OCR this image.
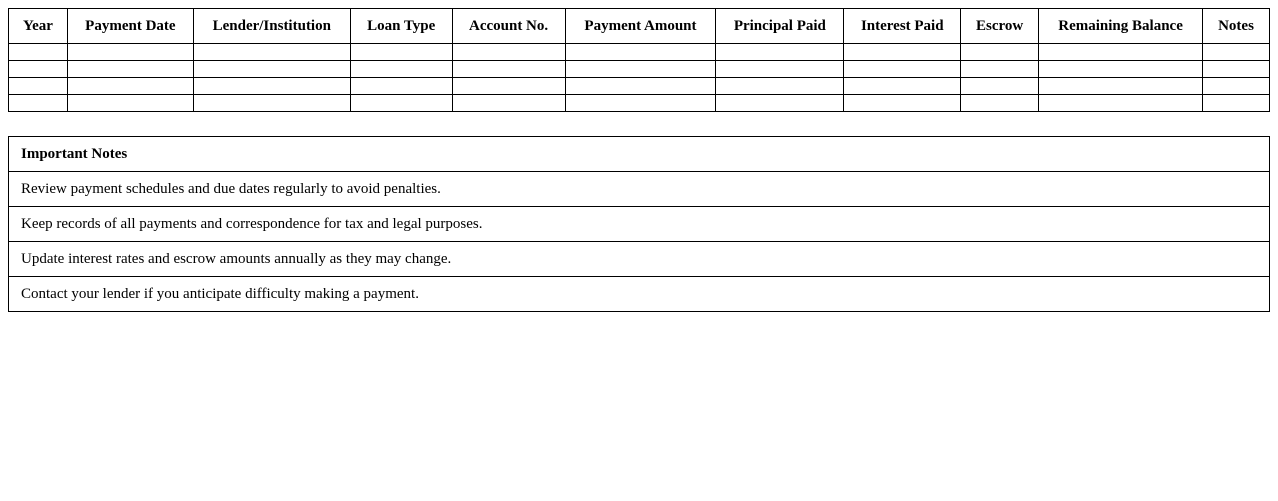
Year	Payment Date	Lender/Institution	Loan Type	Account No.	Payment Amount	Principal Paid	Interest Paid	Escrow	Remaining Balance	Notes

Important Notes
Review payment schedules and due dates regularly to avoid penalties.
Keep records of all payments and correspondence for tax and legal purposes.
Update interest rates and escrow amounts annually as they may change.
Contact your lender if you anticipate difficulty making a payment.
